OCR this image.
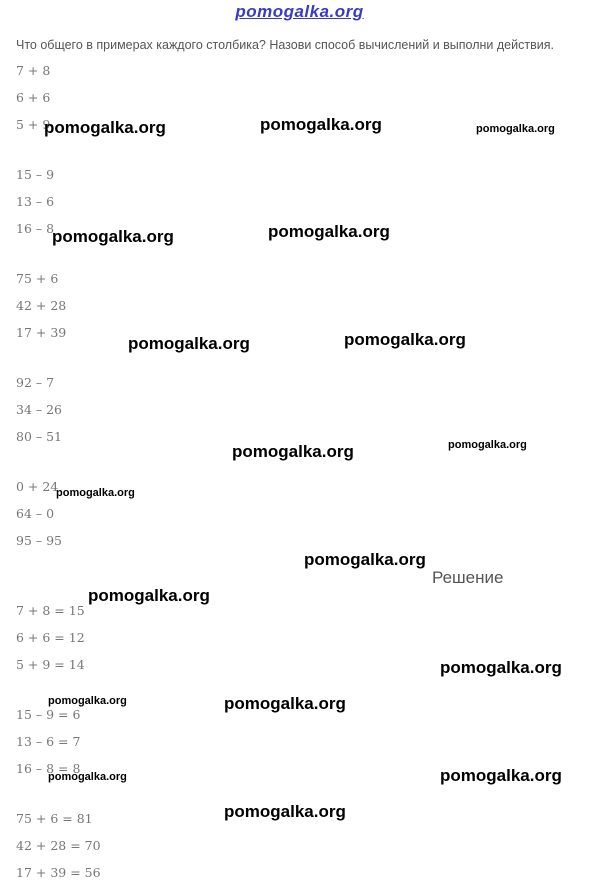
pomogalka.org
Что общего в примерах каждого столбика? Назови способ вычислений и выполни действия.
7 + 8
6 + 6
5 + 9
15 – 9
13 – 6
16 – 8
75 + 6
42 + 28
17 + 39
92 – 7
34 – 26
80 – 51
0 + 24
64 – 0
95 – 95
Решение
7 + 8 = 15
6 + 6 = 12
5 + 9 = 14
15 – 9 = 6
13 – 6 = 7
16 – 8 = 8
75 + 6 = 81
42 + 28 = 70
17 + 39 = 56
pomogalka.org	pomogalka.org	pomogalka.org
pomogalka.org	pomogalka.org
pomogalka.org	pomogalka.org
pomogalka.org	pomogalka.org
pomogalka.org
pomogalka.org
pomogalka.org
pomogalka.org
pomogalka.org	pomogalka.org
pomogalka.org	pomogalka.org
pomogalka.org
